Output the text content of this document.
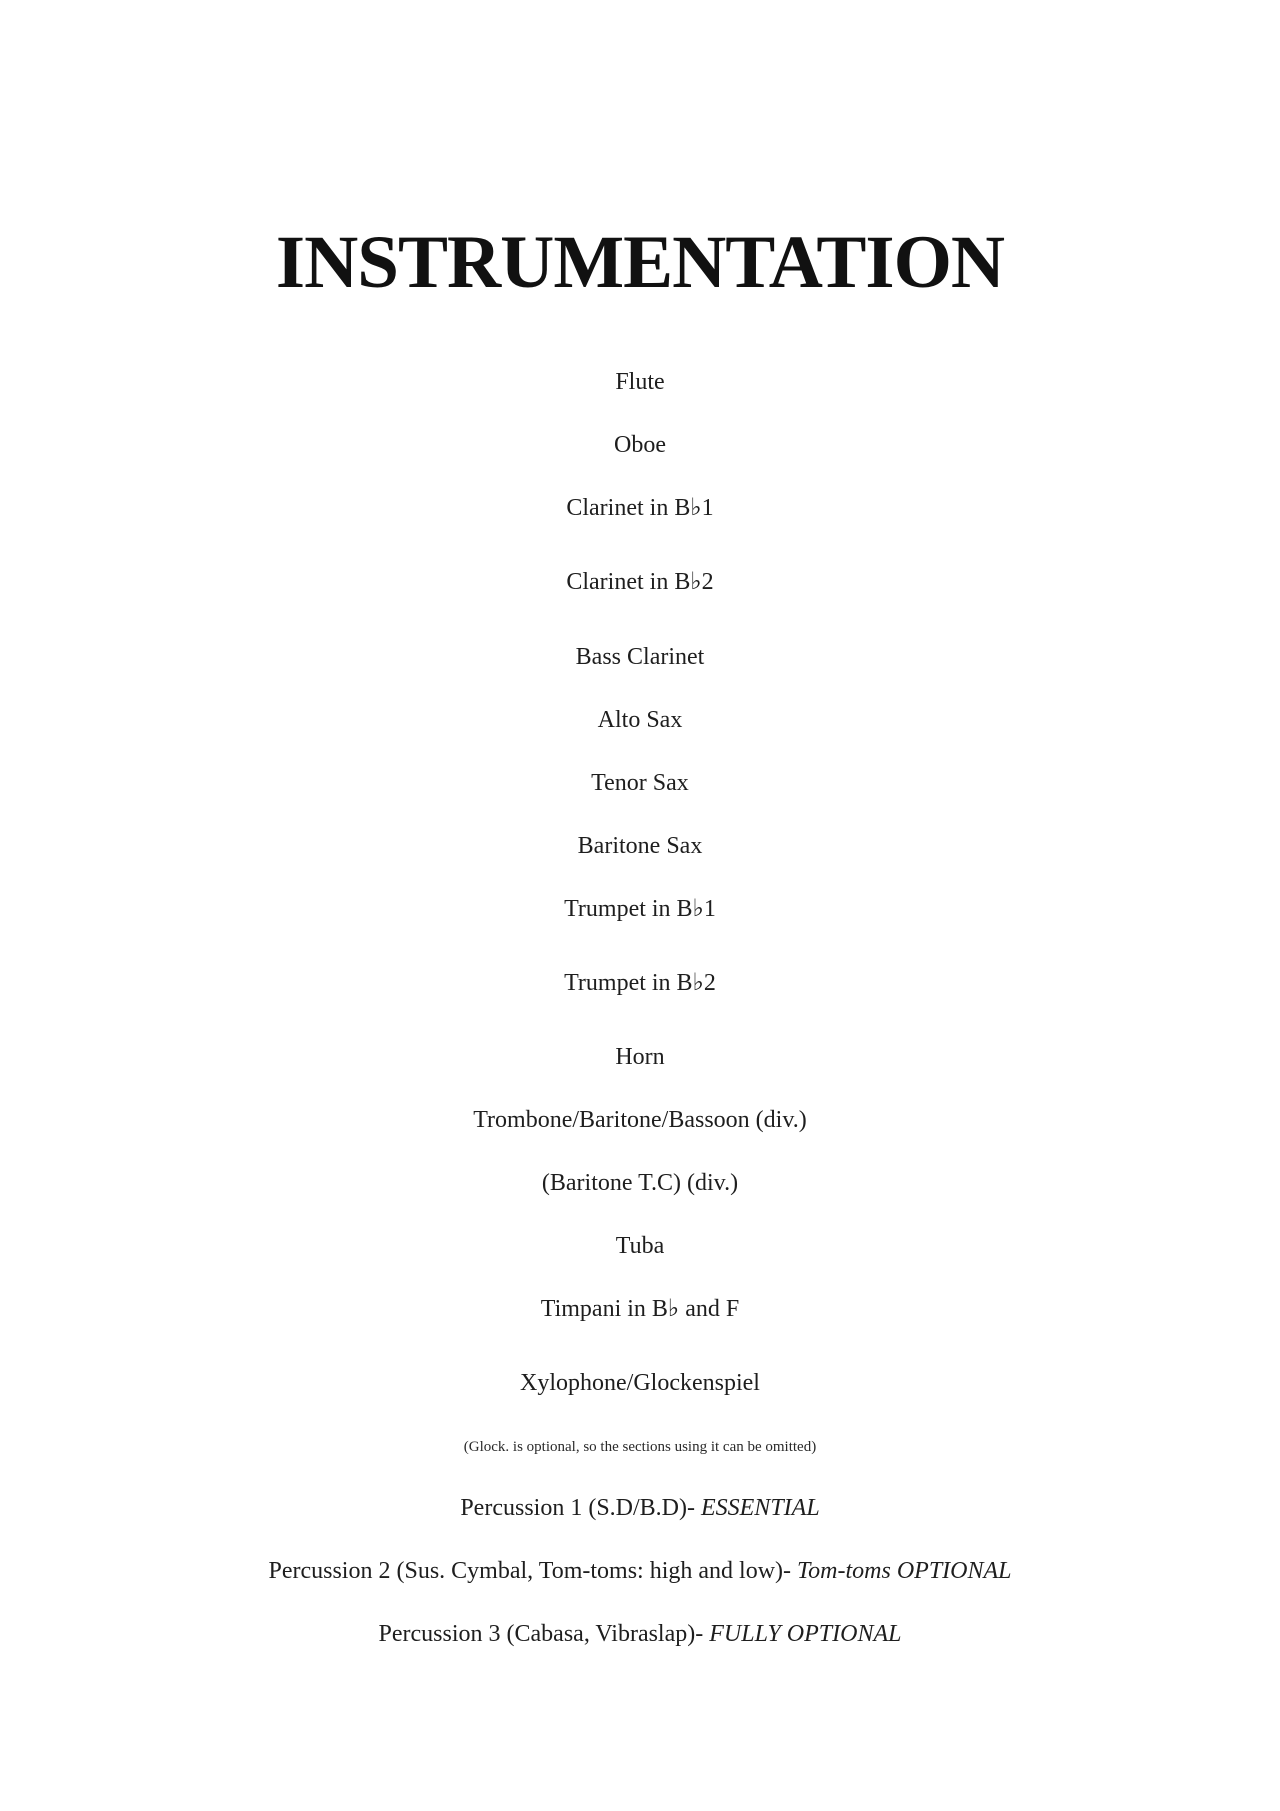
INSTRUMENTATION
Flute
Oboe
Clarinet in B♭1
Clarinet in B♭2
Bass Clarinet
Alto Sax
Tenor Sax
Baritone Sax
Trumpet in B♭1
Trumpet in B♭2
Horn
Trombone/Baritone/Bassoon (div.)
(Baritone T.C) (div.)
Tuba
Timpani in B♭ and F
Xylophone/Glockenspiel
(Glock. is optional, so the sections using it can be omitted)
Percussion 1 (S.D/B.D)- ESSENTIAL
Percussion 2 (Sus. Cymbal, Tom-toms: high and low)- Tom-toms OPTIONAL
Percussion 3 (Cabasa, Vibraslap)- FULLY OPTIONAL
